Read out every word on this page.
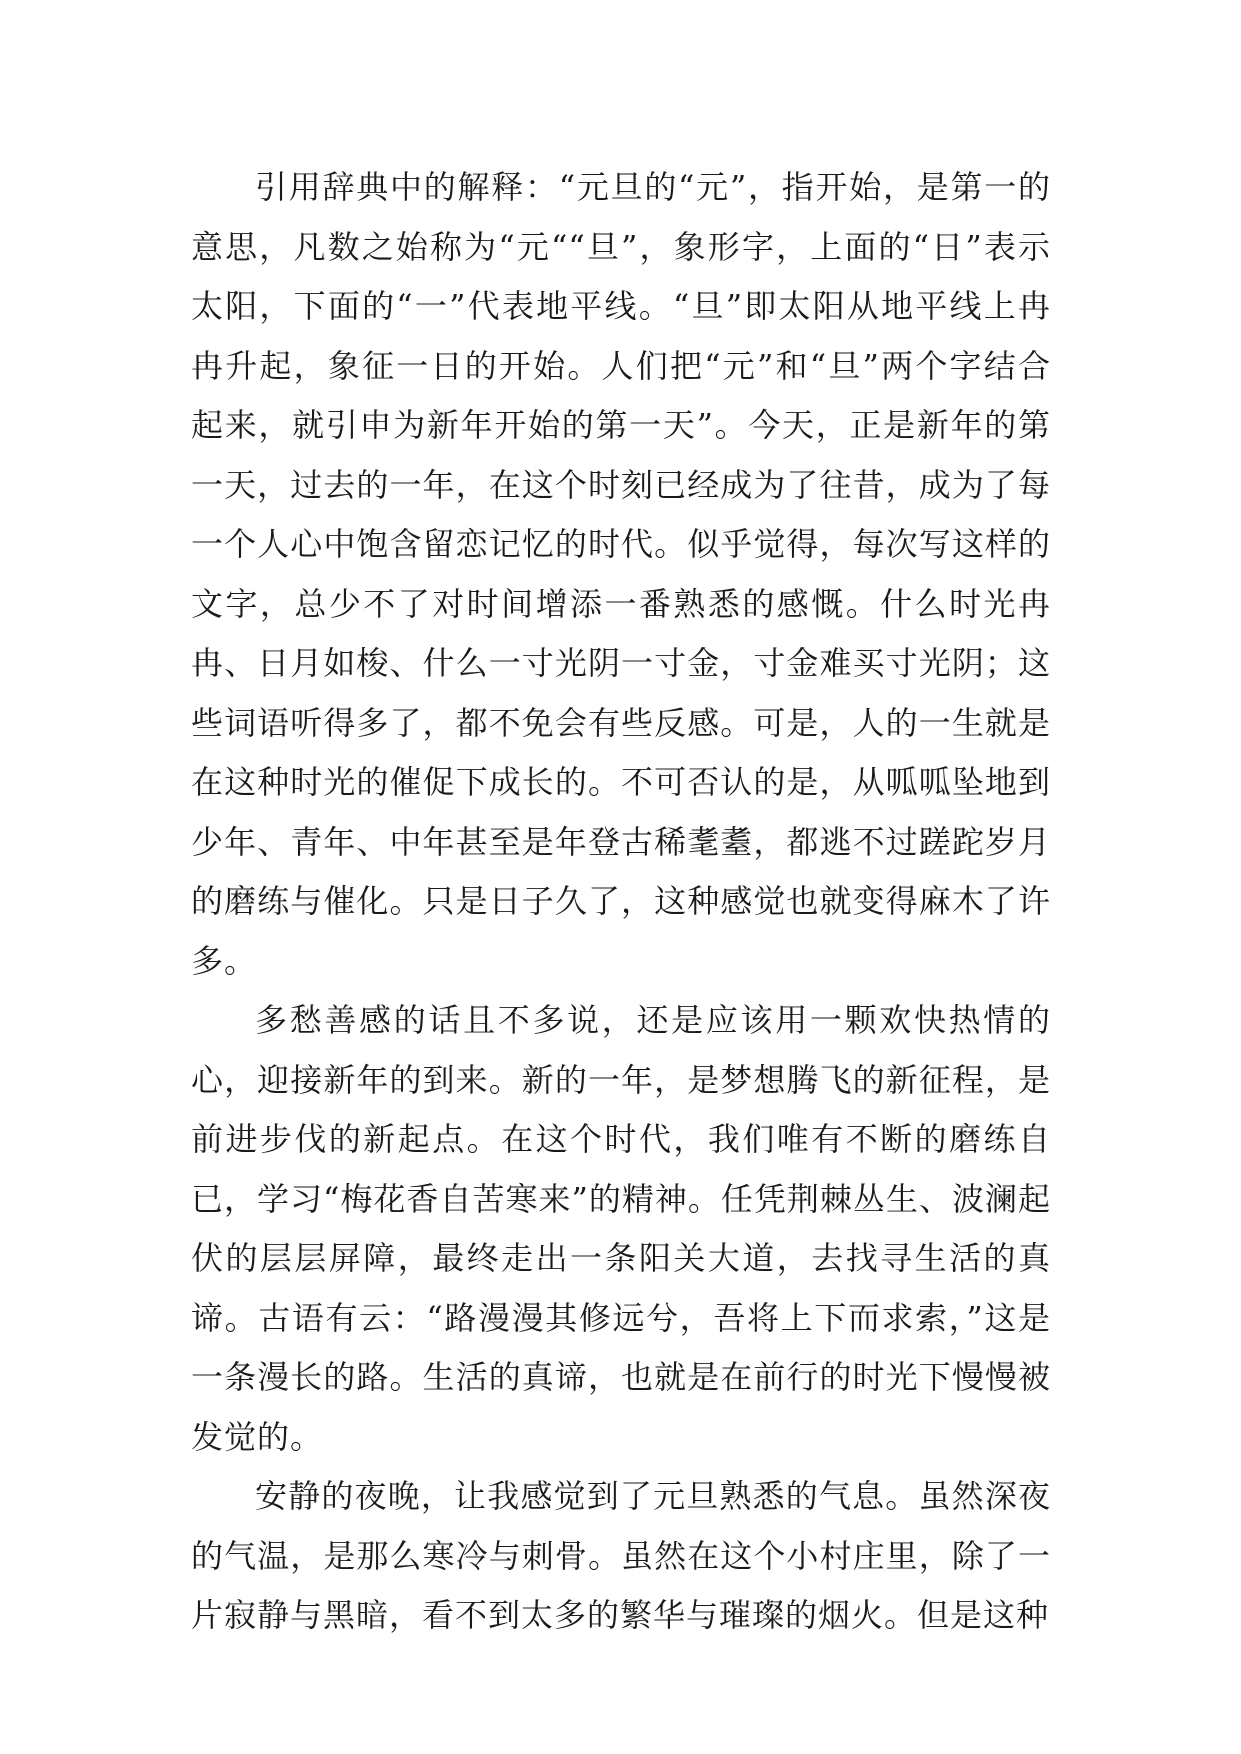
引用辞典中的解释：“元旦的“元”，指开始，是第一的意思，凡数之始称为“元““旦”，象形字，上面的“日”表示太阳，下面的“一”代表地平线。“旦”即太阳从地平线上冉冉升起，象征一日的开始。人们把“元”和“旦”两个字结合起来，就引申为新年开始的第一天”。今天，正是新年的第一天，过去的一年，在这个时刻已经成为了往昔，成为了每一个人心中饱含留恋记忆的时代。似乎觉得，每次写这样的文字，总少不了对时间增添一番熟悉的感慨。什么时光冉冉、日月如梭、什么一寸光阴一寸金，寸金难买寸光阴；这些词语听得多了，都不免会有些反感。可是，人的一生就是在这种时光的催促下成长的。不可否认的是，从呱呱坠地到少年、青年、中年甚至是年登古稀耄耋，都逃不过蹉跎岁月的磨练与催化。只是日子久了，这种感觉也就变得麻木了许多。

多愁善感的话且不多说，还是应该用一颗欢快热情的心，迎接新年的到来。新的一年，是梦想腾飞的新征程，是前进步伐的新起点。在这个时代，我们唯有不断的磨练自已，学习“梅花香自苦寒来”的精神。任凭荆棘丛生、波澜起伏的层层屏障，最终走出一条阳关大道，去找寻生活的真谛。古语有云：“路漫漫其修远兮，吾将上下而求索，”这是一条漫长的路。生活的真谛，也就是在前行的时光下慢慢被发觉的。

安静的夜晚，让我感觉到了元旦熟悉的气息。虽然深夜的气温，是那么寒冷与刺骨。虽然在这个小村庄里，除了一片寂静与黑暗，看不到太多的繁华与璀璨的烟火。但是这种
